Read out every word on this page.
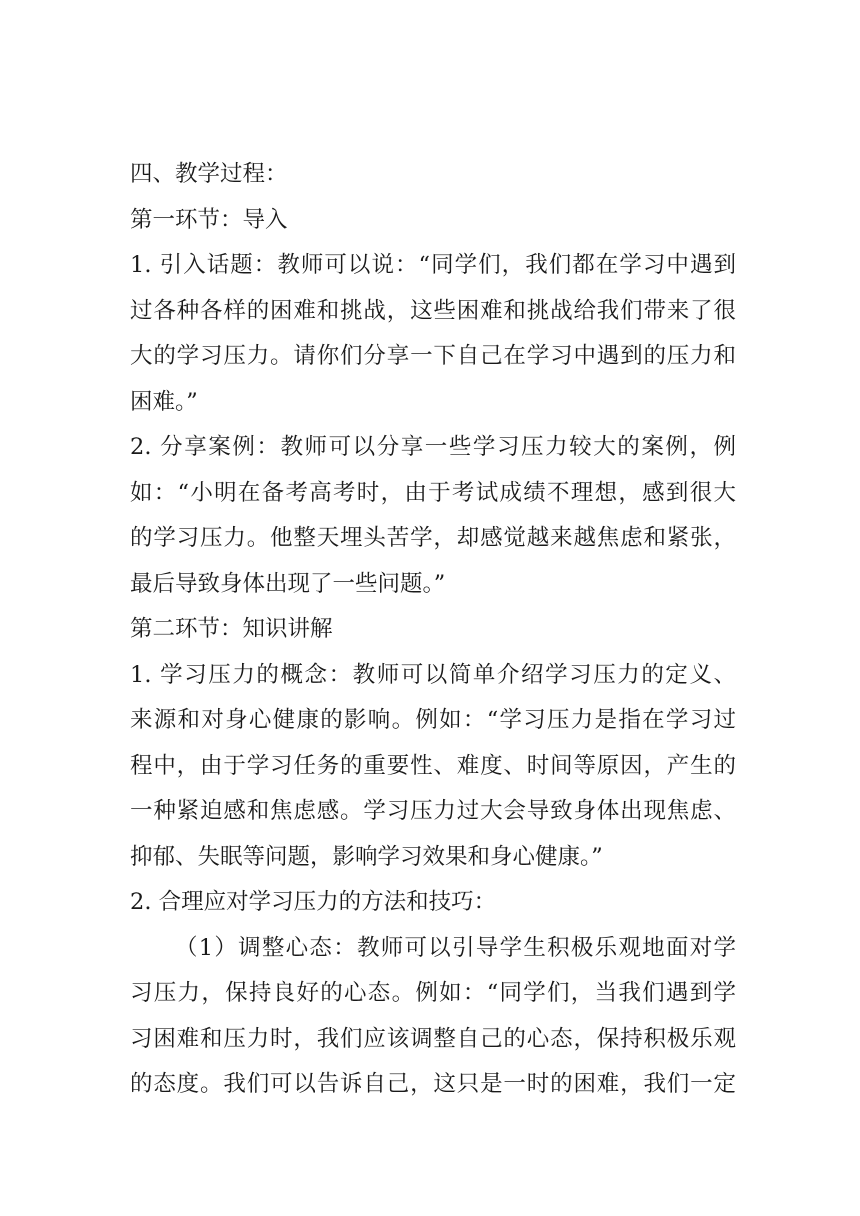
四、教学过程：
第一环节：导入
1. 引入话题：教师可以说：“同学们，我们都在学习中遇到
过各种各样的困难和挑战，这些困难和挑战给我们带来了很
大的学习压力。请你们分享一下自己在学习中遇到的压力和
困难。”
2. 分享案例：教师可以分享一些学习压力较大的案例，例
如：“小明在备考高考时，由于考试成绩不理想，感到很大
的学习压力。他整天埋头苦学，却感觉越来越焦虑和紧张，
最后导致身体出现了一些问题。”
第二环节：知识讲解
1. 学习压力的概念：教师可以简单介绍学习压力的定义、
来源和对身心健康的影响。例如：“学习压力是指在学习过
程中，由于学习任务的重要性、难度、时间等原因，产生的
一种紧迫感和焦虑感。学习压力过大会导致身体出现焦虑、
抑郁、失眠等问题，影响学习效果和身心健康。”
2. 合理应对学习压力的方法和技巧：
（1）调整心态：教师可以引导学生积极乐观地面对学
习压力，保持良好的心态。例如：“同学们，当我们遇到学
习困难和压力时，我们应该调整自己的心态，保持积极乐观
的态度。我们可以告诉自己，这只是一时的困难，我们一定
